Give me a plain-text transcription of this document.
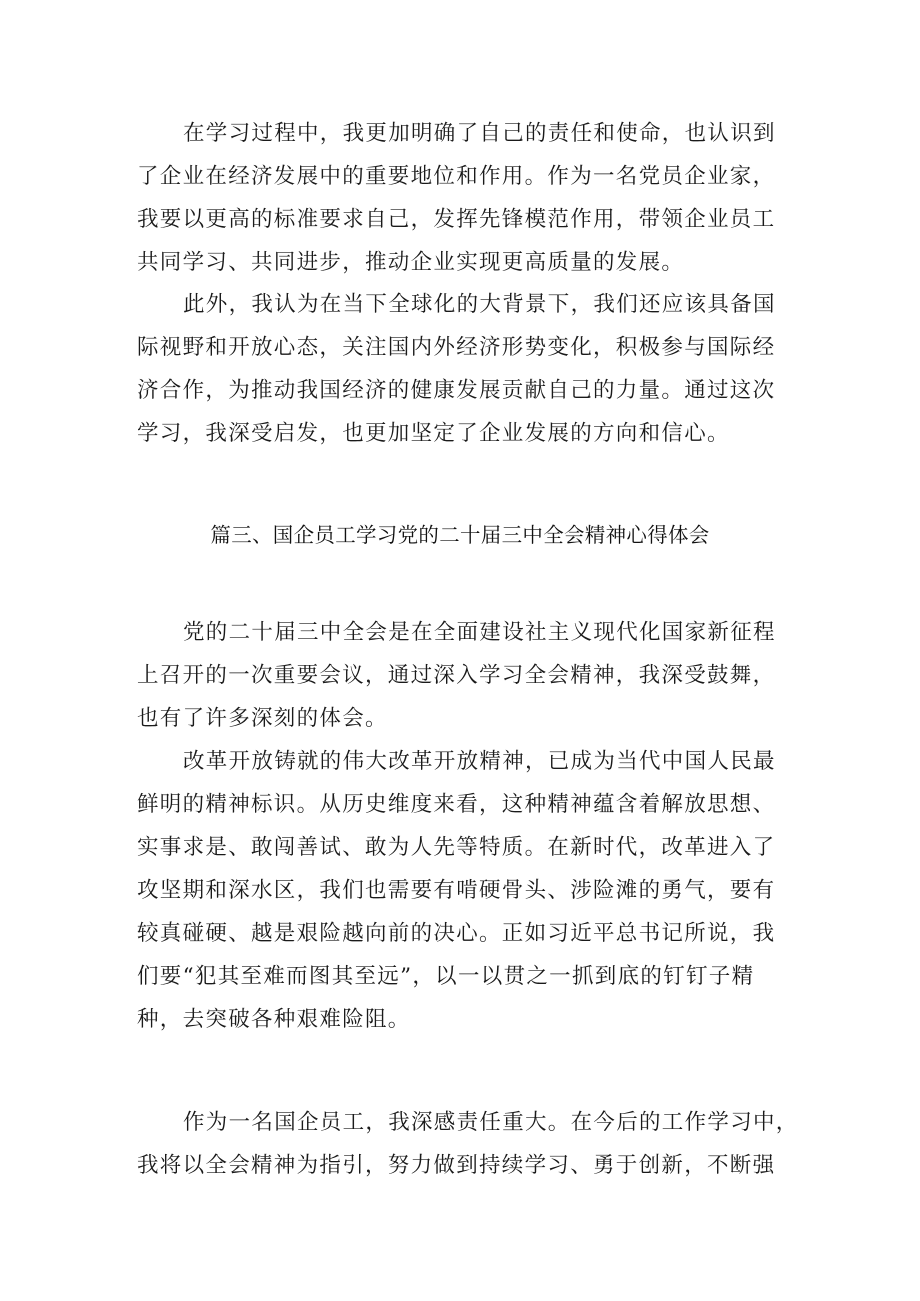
在学习过程中，我更加明确了自己的责任和使命，也认识到
了企业在经济发展中的重要地位和作用。作为一名党员企业家，
我要以更高的标准要求自己，发挥先锋模范作用，带领企业员工
共同学习、共同进步，推动企业实现更高质量的发展。
此外，我认为在当下全球化的大背景下，我们还应该具备国
际视野和开放心态，关注国内外经济形势变化，积极参与国际经
济合作，为推动我国经济的健康发展贡献自己的力量。通过这次
学习，我深受启发，也更加坚定了企业发展的方向和信心。
篇三、国企员工学习党的二十届三中全会精神心得体会
党的二十届三中全会是在全面建设社主义现代化国家新征程
上召开的一次重要会议，通过深入学习全会精神，我深受鼓舞，
也有了许多深刻的体会。
改革开放铸就的伟大改革开放精神，已成为当代中国人民最
鲜明的精神标识。从历史维度来看，这种精神蕴含着解放思想、
实事求是、敢闯善试、敢为人先等特质。在新时代，改革进入了
攻坚期和深水区，我们也需要有啃硬骨头、涉险滩的勇气，要有
较真碰硬、越是艰险越向前的决心。正如习近平总书记所说，我
们要“犯其至难而图其至远”，以一以贯之一抓到底的钉钉子精
种，去突破各种艰难险阻。
作为一名国企员工，我深感责任重大。在今后的工作学习中，
我将以全会精神为指引，努力做到持续学习、勇于创新，不断强
